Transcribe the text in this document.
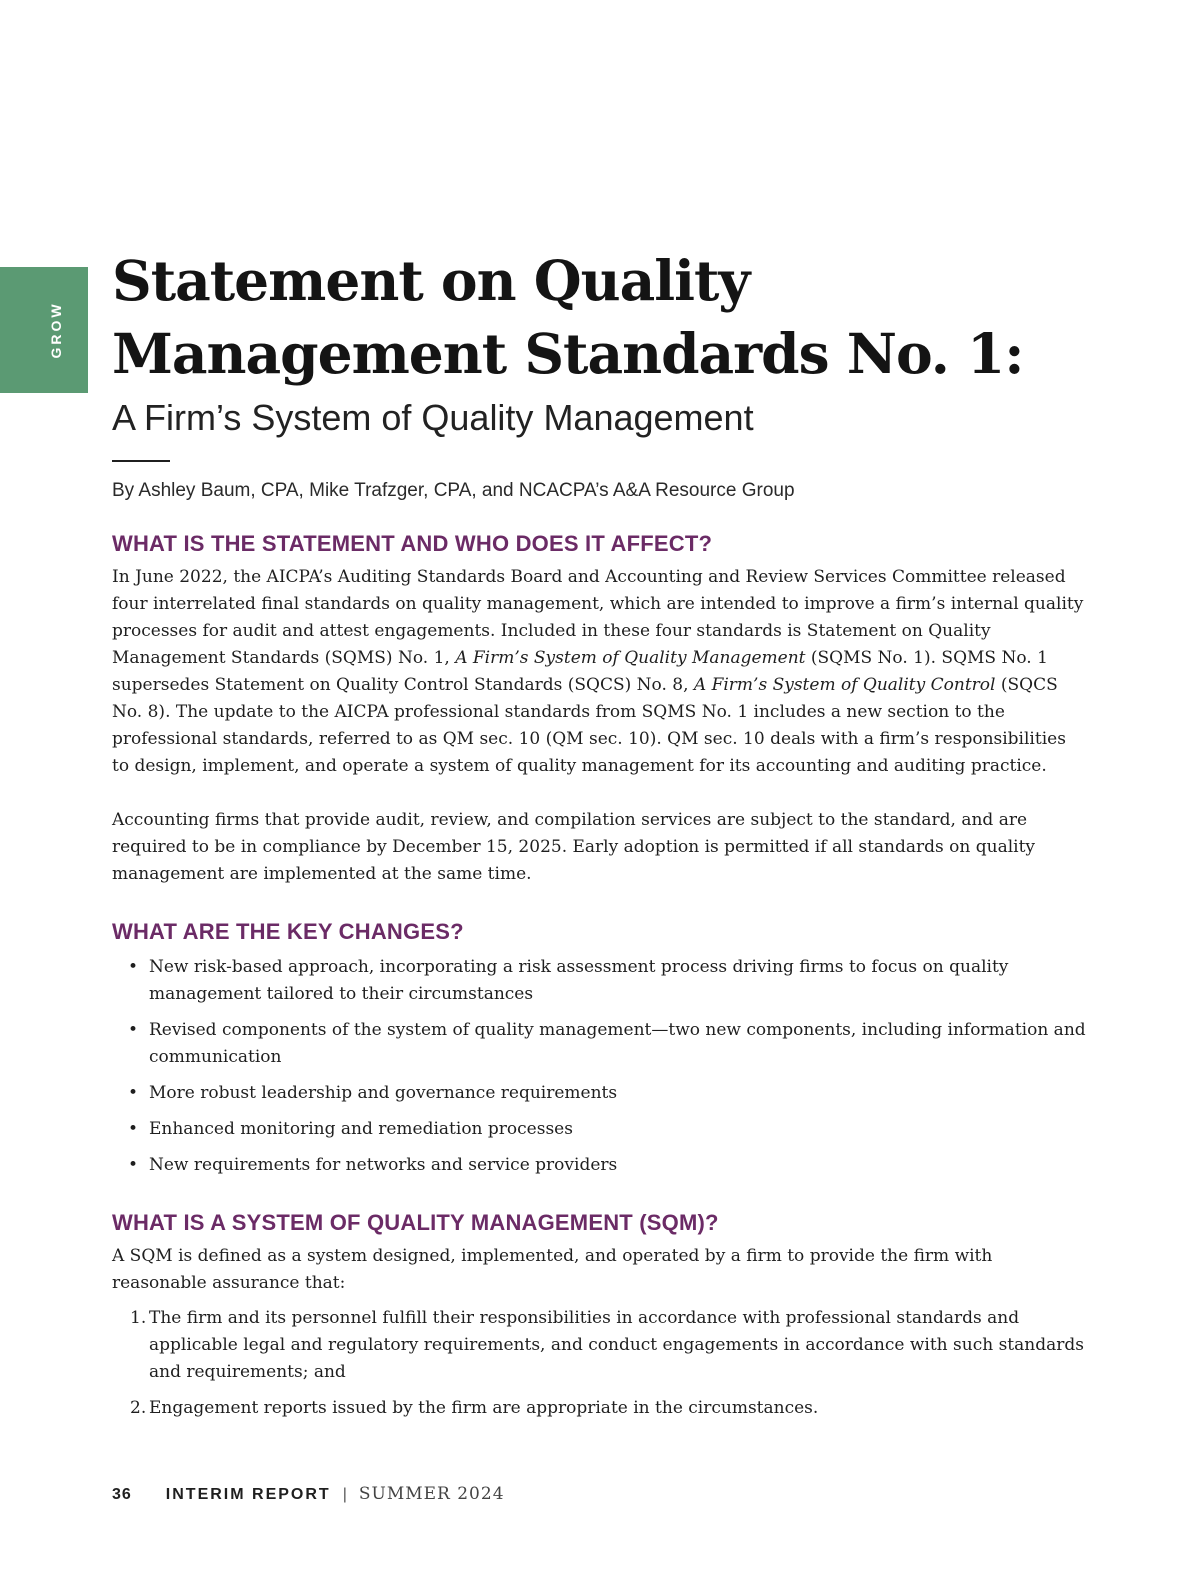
GROW
Statement on Quality Management Standards No. 1:
A Firm’s System of Quality Management
By Ashley Baum, CPA, Mike Trafzger, CPA, and NCACPA’s A&A Resource Group
WHAT IS THE STATEMENT AND WHO DOES IT AFFECT?

In June 2022, the AICPA’s Auditing Standards Board and Accounting and Review Services Committee released four interrelated final standards on quality management, which are intended to improve a firm’s internal quality processes for audit and attest engagements. Included in these four standards is Statement on Quality Management Standards (SQMS) No. 1, A Firm’s System of Quality Management (SQMS No. 1). SQMS No. 1 supersedes Statement on Quality Control Standards (SQCS) No. 8, A Firm’s System of Quality Control (SQCS No. 8). The update to the AICPA professional standards from SQMS No. 1 includes a new section to the professional standards, referred to as QM sec. 10 (QM sec. 10). QM sec. 10 deals with a firm’s responsibilities to design, implement, and operate a system of quality management for its accounting and auditing practice.

Accounting firms that provide audit, review, and compilation services are subject to the standard, and are required to be in compliance by December 15, 2025. Early adoption is permitted if all standards on quality management are implemented at the same time.

WHAT ARE THE KEY CHANGES?
• New risk-based approach, incorporating a risk assessment process driving firms to focus on quality management tailored to their circumstances
• Revised components of the system of quality management—two new components, including information and communication
• More robust leadership and governance requirements
• Enhanced monitoring and remediation processes
• New requirements for networks and service providers
WHAT IS A SYSTEM OF QUALITY MANAGEMENT (SQM)?

A SQM is defined as a system designed, implemented, and operated by a firm to provide the firm with reasonable assurance that:

1. The firm and its personnel fulfill their responsibilities in accordance with professional standards and applicable legal and regulatory requirements, and conduct engagements in accordance with such standards and requirements; and
2. Engagement reports issued by the firm are appropriate in the circumstances.
36 INTERIM REPORT | SUMMER 2024
